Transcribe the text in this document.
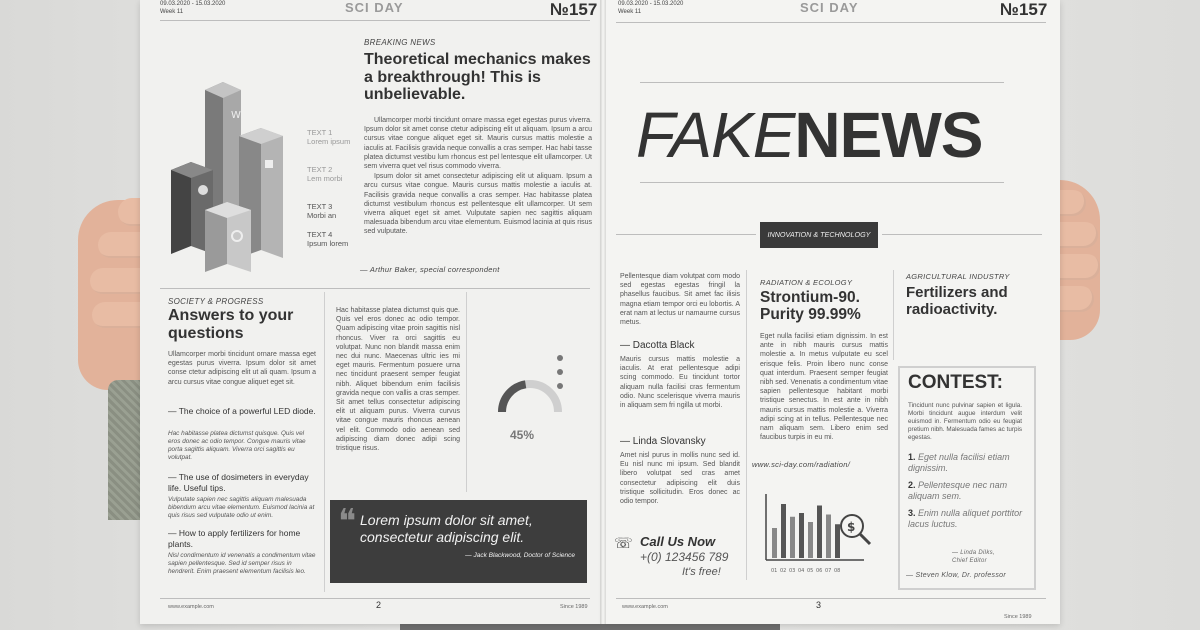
09.03.2020 - 15.03.2020
Week 11	SCI DAY	№157
W
TEXT 1
Lorem ipsum
TEXT 2
Lem morbi
TEXT 3
Morbi an
TEXT 4
Ipsum lorem
BREAKING NEWS
Theoretical mechanics makes a breakthrough! This is unbelievable.

Ullamcorper morbi tincidunt ornare massa eget egestas purus viverra. Ipsum dolor sit amet conse ctetur adipiscing elit ut aliquam. Ipsum a arcu cursus vitae congue aliquet eget sit. Mauris cursus mattis molestie a iaculis at. Facilisis gravida neque convallis a cras semper. Hac habi tasse platea dictumst vestibu lum rhoncus est pel lentesque elit ullamcorper. Ut sem viverra quet vel risus commodo viverra.

Ipsum dolor sit amet consectetur adipiscing elit ut aliquam. Ipsum a arcu cursus vitae congue. Mauris cursus mattis molestie a iaculis at. Facilisis gravida neque convallis a cras semper. Hac habitasse platea dictumst vestibulum rhoncus est pellentesque elit ullamcorper. Ut sem viverra aliquet eget sit amet. Vulputate sapien nec sagittis aliquam malesuada bibendum arcu vitae elementum. Euismod lacinia at quis risus sed vulputate.

— Arthur Baker, special correspondent
SOCIETY & PROGRESS
Answers to your questions
Ullamcorper morbi tincidunt ornare massa eget egestas purus viverra. Ipsum dolor sit amet conse ctetur adipiscing elit ut ali quam. Ipsum a arcu cursus vitae congue aliquet eget sit.
— The choice of a powerful LED diode.
Hac habitasse platea dictumst quisque. Quis vel eros donec ac odio tempor. Congue mauris vitae porta sagittis aliquam. Viverra orci sagittis eu volutpat.
— The use of dosimeters in everyday life. Useful tips.
Vulputate sapien nec sagittis aliquam malesuada bibendum arcu vitae elementum. Euismod lacinia at quis risus sed vulputate odio ut enim.
— How to apply fertilizers for home plants.
Nisl condimentum id venenatis a condimentum vitae sapien pellentesque. Sed id semper risus in hendrerit. Enim praesent elementum facilisis leo.
Hac habitasse platea dictumst quis que. Quis vel eros donec ac odio tempor. Quam adipiscing vitae proin sagittis nisl rhoncus. Viver ra orci sagittis eu volutpat. Nunc non blandit massa enim nec dui nunc. Maecenas ultric ies mi eget mauris. Fermentum posuere urna nec tincidunt praesent semper feugiat nibh. Aliquet bibendum enim facilisis gravida neque con vallis a cras semper. Sit amet tellus consectetur adipiscing elit ut aliquam purus. Viverra curvus vitae congue mauris rhoncus aenean vel elit. Commodo odio aenean sed adipiscing diam donec adipi scing tristique risus.
45%
❝ Lorem ipsum dolor sit amet, consectetur adipiscing elit.
— Jack Blackwood, Doctor of Science
www.example.com	2	Since 1989
09.03.2020 - 15.03.2020
Week 11	SCI DAY	№157
FAKENEWS
INNOVATION & TECHNOLOGY
Pellentesque diam volutpat com modo sed egestas egestas fringil la phasellus faucibus. Sit amet fac ilisis magna etiam tempor orci eu lobortis. A erat nam at lectus ur namaurne cursus metus.
— Dacotta Black
Mauris cursus mattis molestie a iaculis. At erat pellentesque adipi scing commodo. Eu tincidunt tortor aliquam nulla facilisi cras fermentum odio. Nunc scelerisque viverra mauris in aliquam sem fri ngilla ut morbi.
— Linda Slovansky
Amet nisl purus in mollis nunc sed id. Eu nisl nunc mi ipsum. Sed blandit libero volutpat sed cras amet consectetur adipiscing elit duis tristique sollicitudin. Eros donec ac odio tempor.
☏ Call Us Now
+(0) 123456 789
It's free!
RADIATION & ECOLOGY
Strontium-90. Purity 99.99%
Eget nulla facilisi etiam dignissim. In est ante in nibh mauris cursus mattis molestie a. In metus vulputate eu scel erisque felis. Proin libero nunc conse quat interdum. Praesent semper feugiat nibh sed. Venenatis a condimentum vitae sapien pellentesque habitant morbi tristique senectus. In est ante in nibh mauris cursus mattis molestie a. Viverra adipi scing at in tellus. Pellentesque nec nam aliquam sem. Libero enim sed faucibus turpis in eu mi.
www.sci-day.com/radiation/
01 02 03 04 05 06 07 08
$
AGRICULTURAL INDUSTRY
Fertilizers and radioactivity.
CONTEST:
Tincidunt nunc pulvinar sapien et ligula. Morbi tincidunt augue interdum velit euismod in. Fermentum odio eu feugiat pretium nibh. Malesuada fames ac turpis egestas.
1. Eget nulla facilisi etiam dignissim.
2. Pellentesque nec nam aliquam sem.
3. Enim nulla aliquet porttitor lacus luctus.
— Linda Dilks, Chief Editor
— Steven Klow, Dr. professor
www.example.com	3
Since 1989
